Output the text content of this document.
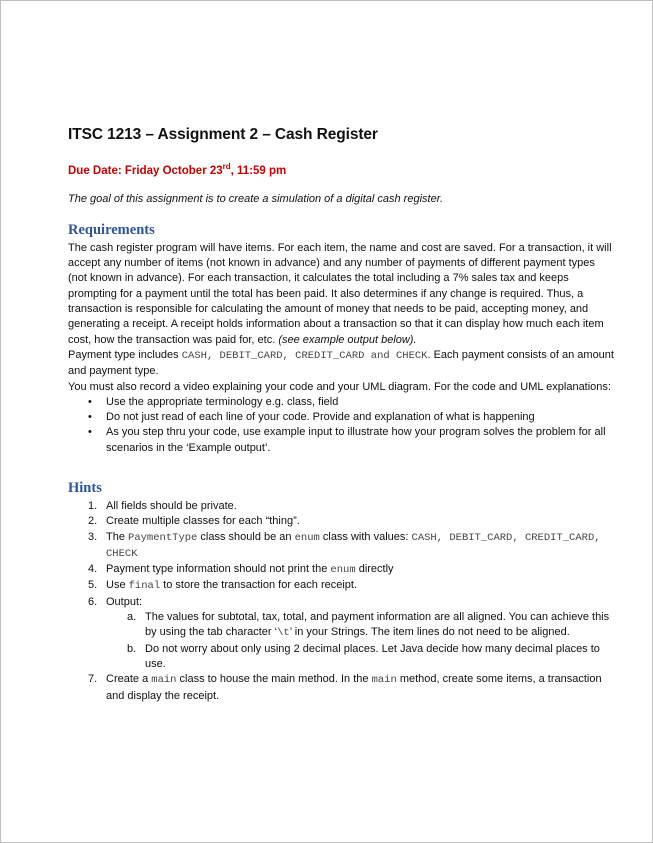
ITSC 1213 – Assignment 2 – Cash Register

Due Date: Friday October 23rd, 11:59 pm

The goal of this assignment is to create a simulation of a digital cash register.

Requirements

The cash register program will have items. For each item, the name and cost are saved. For a transaction, it will accept any number of items (not known in advance) and any number of payments of different payment types (not known in advance). For each transaction, it calculates the total including a 7% sales tax and keeps prompting for a payment until the total has been paid. It also determines if any change is required. Thus, a transaction is responsible for calculating the amount of money that needs to be paid, accepting money, and generating a receipt. A receipt holds information about a transaction so that it can display how much each item cost, how the transaction was paid for, etc. (see example output below).

Payment type includes CASH, DEBIT_CARD, CREDIT_CARD and CHECK. Each payment consists of an amount and payment type.

You must also record a video explaining your code and your UML diagram. For the code and UML explanations:

• Use the appropriate terminology e.g. class, field
• Do not just read of each line of your code. Provide and explanation of what is happening
• As you step thru your code, use example input to illustrate how your program solves the problem for all scenarios in the ‘Example output’.
Hints
1. All fields should be private.
2. Create multiple classes for each “thing”.
3. The PaymentType class should be an enum class with values: CASH, DEBIT_CARD, CREDIT_CARD, CHECK
4. Payment type information should not print the enum directly
5. Use final to store the transaction for each receipt.
6. Output:
a. The values for subtotal, tax, total, and payment information are all aligned. You can achieve this by using the tab character ‘\t’ in your Strings. The item lines do not need to be aligned.
b. Do not worry about only using 2 decimal places. Let Java decide how many decimal places to use.
7. Create a main class to house the main method. In the main method, create some items, a transaction and display the receipt.
